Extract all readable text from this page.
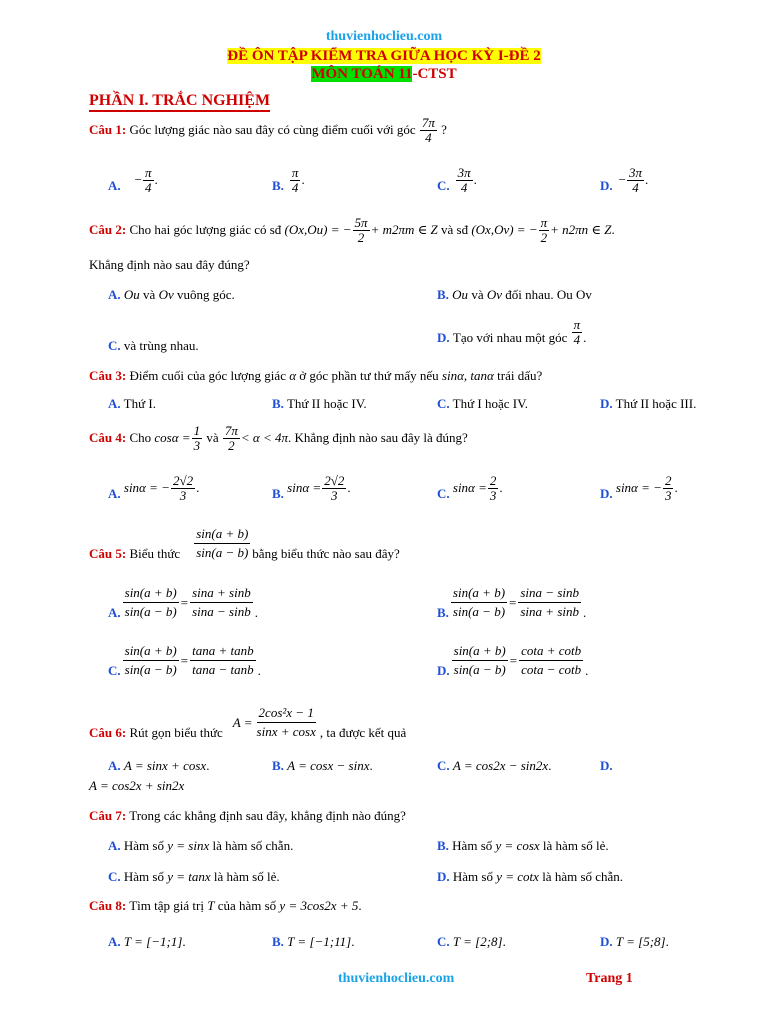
thuvienhoclieu.com
ĐỀ ÔN TẬP KIỂM TRA GIỮA HỌC KỲ I-ĐỀ 2
MÔN TOÁN 11-CTST
PHẦN I. TRẮC NGHIỆM
Câu 1:
Góc lượng giác nào sau đây có cùng điểm cuối với góc
$\frac{7\pi}{4}$
?
A. − $\frac{\pi}{4}$ .	B. $\frac{\pi}{4}$ .	C. $\frac{3\pi}{4}$ .	D. − $\frac{3\pi}{4}$ .
Câu 2:
Cho hai góc lượng giác có sđ
(Ox,Ou) = − $\frac{5\pi}{2} + m2\pi m$ ∈ Z
và sđ
(Ox,Ov) = − $\frac{\pi}{2} + n2\pi n$ ∈ Z .
Khẳng định nào sau đây đúng?
A.
Ou
và
Ov
vuông góc.	B.
Ou
và
Ov
đối nhau.
Ou Ov
C.
và trùng nhau.
D.
Tạo với nhau một góc
$\frac{\pi}{4}$ .
Câu 3:
Điểm cuối của góc lượng giác
α
ở góc phần tư thứ mấy nếu
sinα, tanα
trái dấu?
A. Thứ I.	B. Thứ II hoặc IV.	C. Thứ I hoặc IV.	D. Thứ II hoặc III.
Câu 4:
Cho
$\cos\alpha = \frac{1}{3}$
và
$\frac{7\pi}{2} < \alpha < 4\pi$ . Khẳng định nào sau đây là đúng?
A.
sinα = − $\frac{2√2}{3}$ .	B.
$\sin\alpha = \frac{2√2}{3}$ .	C.
$\sin\alpha = \frac{2}{3}$ .	D.
sinα = − $\frac{2}{3}$ .
Câu 5:
Biểu thức $\frac{\sin(a + b)}{\sin(a - b)}$ bằng biểu thức nào sau đây?
A. $\frac{\sin(a + b)}{\sin(a - b)} = \frac{\sin a + \sin b}{\sin a - \sin b}$ .	B. $\frac{\sin(a + b)}{\sin(a - b)} = \frac{\sin a - \sin b}{\sin a + \sin b}$ .
C. $\frac{\sin(a + b)}{\sin(a - b)} = \frac{\tan a + \tan b}{\tan a - \tan b}$ .	D. $\frac{\sin(a + b)}{\sin(a - b)} = \frac{\cot a + \cot b}{\cot a - \cot b}$ .
Câu 6:
Rút gọn biểu thức
$A = \frac{\text{2cos²x − 1}}{\sin x + \cos x}$ , ta được kết quả
A. A = sinx + cosx.	B. A = cosx − sinx.	C. A = cos2x − sin2x.	D.
A = cos2x + sin2x
Câu 7: Trong các khẳng định sau đây, khẳng định nào đúng?
A. Hàm số y = sinx là hàm số chẵn.	B. Hàm số y = cosx là hàm số lẻ.
C. Hàm số y = tanx là hàm số lẻ.	D. Hàm số y = cotx là hàm số chẵn.
Câu 8: Tìm tập giá trị T của hàm số y = 3cos2x + 5.
A. T = [−1;1].	B. T = [−1;11].	C. T = [2;8].	D. T = [5;8].
thuvienhoclieu.com	Trang 1
